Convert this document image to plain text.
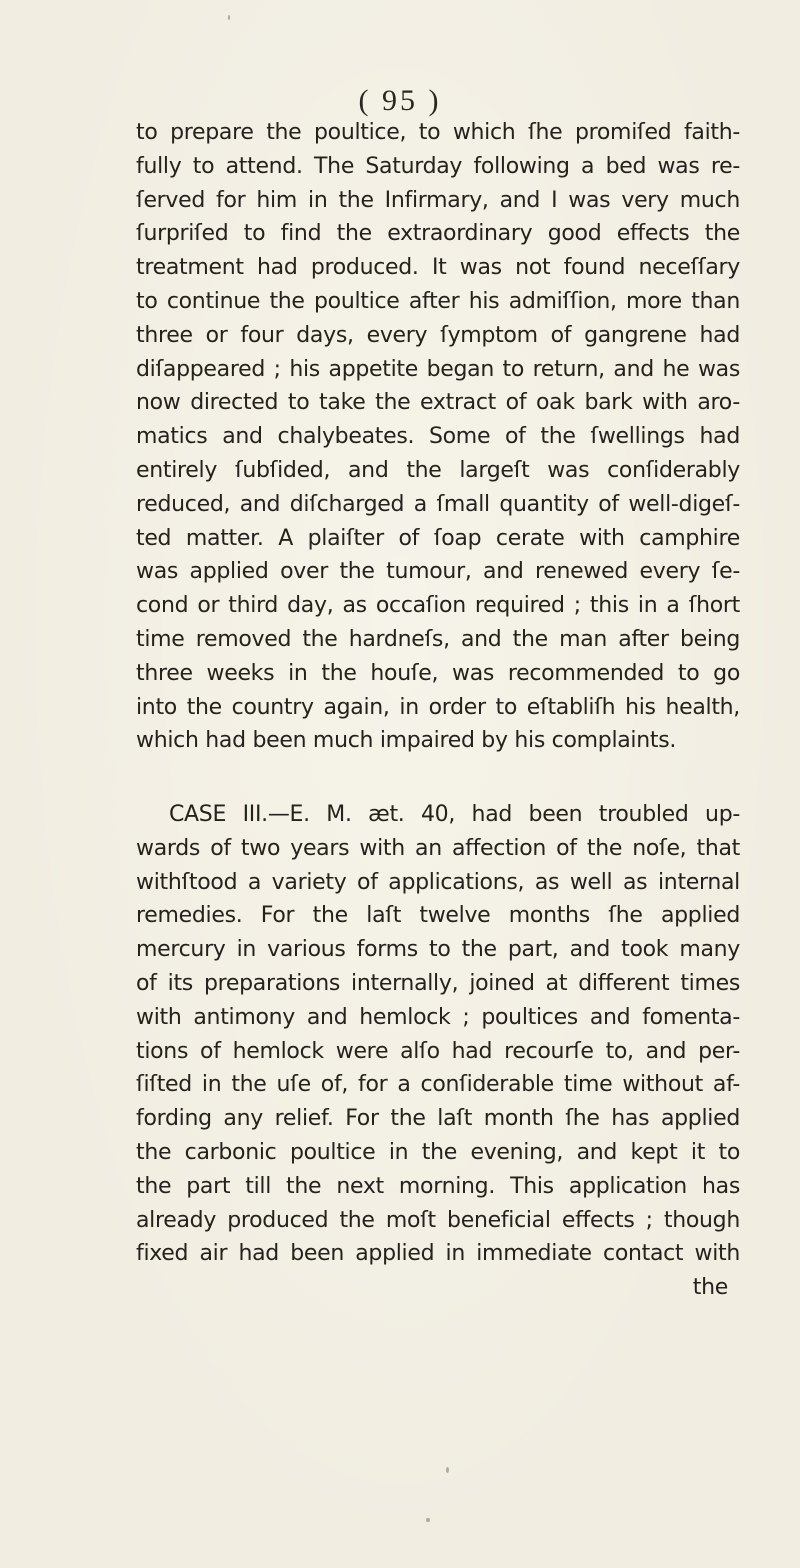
( 95 )
to prepare the poultice, to which ſhe promiſed faith-
fully to attend. The Saturday following a bed was re-
ſerved for him in the Infirmary, and I was very much
ſurpriſed to find the extraordinary good effects the
treatment had produced. It was not found neceſſary
to continue the poultice after his admiſſion, more than
three or four days, every ſymptom of gangrene had
diſappeared ; his appetite began to return, and he was
now directed to take the extract of oak bark with aro-
matics and chalybeates. Some of the ſwellings had
entirely ſubſided, and the largeſt was conſiderably
reduced, and diſcharged a ſmall quantity of well-digeſ-
ted matter. A plaiſter of ſoap cerate with camphire
was applied over the tumour, and renewed every ſe-
cond or third day, as occaſion required ; this in a ſhort
time removed the hardneſs, and the man after being
three weeks in the houſe, was recommended to go
into the country again, in order to eſtabliſh his health,
which had been much impaired by his complaints.
CASE III.—E. M. æt. 40, had been troubled up-
wards of two years with an affection of the noſe, that
withſtood a variety of applications, as well as internal
remedies. For the laſt twelve months ſhe applied
mercury in various forms to the part, and took many
of its preparations internally, joined at different times
with antimony and hemlock ; poultices and fomenta-
tions of hemlock were alſo had recourſe to, and per-
ſiſted in the uſe of, for a conſiderable time without af-
fording any relief. For the laſt month ſhe has applied
the carbonic poultice in the evening, and kept it to
the part till the next morning. This application has
already produced the moſt beneficial effects ; though
fixed air had been applied in immediate contact with
the
